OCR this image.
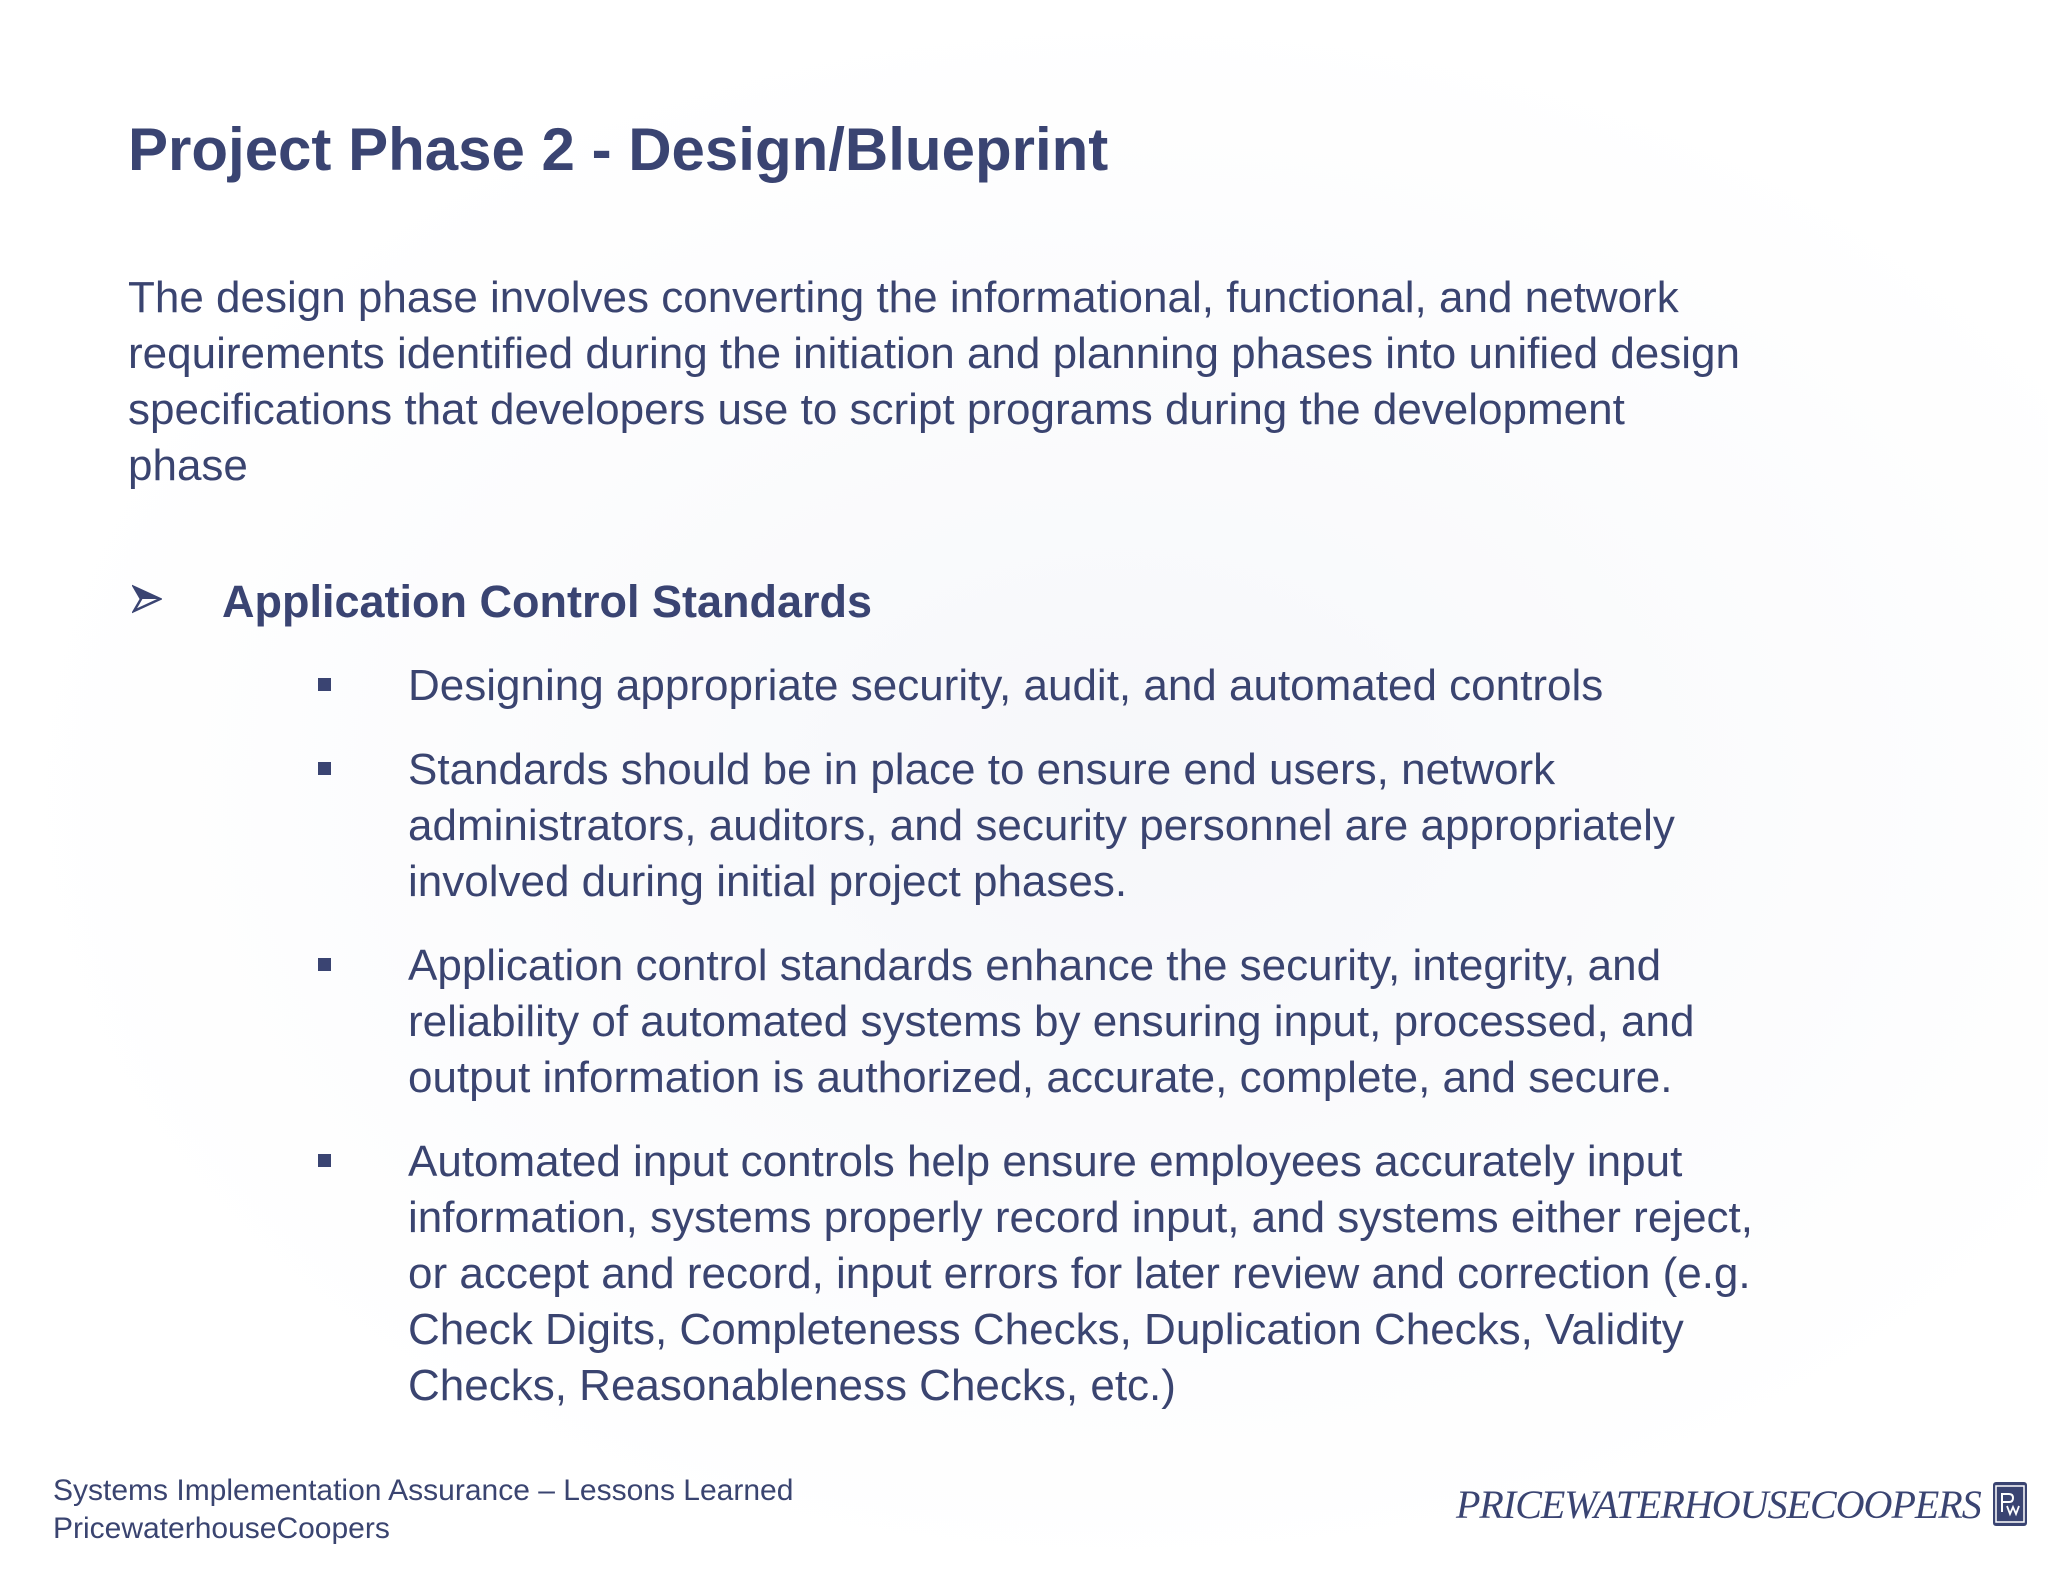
Project Phase 2 - Design/Blueprint
The design phase involves converting the informational, functional, and network
requirements identified during the initiation and planning phases into unified design
specifications that developers use to script programs during the development
phase
Application Control Standards
Designing appropriate security, audit, and automated controls
Standards should be in place to ensure end users, network
administrators, auditors, and security personnel are appropriately
involved during initial project phases.
Application control standards enhance the security, integrity, and
reliability of automated systems by ensuring input, processed, and
output information is authorized, accurate, complete, and secure.
Automated input controls help ensure employees accurately input
information, systems properly record input, and systems either reject,
or accept and record, input errors for later review and correction (e.g.
Check Digits, Completeness Checks, Duplication Checks, Validity
Checks, Reasonableness Checks, etc.)
Systems Implementation Assurance – Lessons Learned
PricewaterhouseCoopers
PRICEWATERHOUSECOOPERS
